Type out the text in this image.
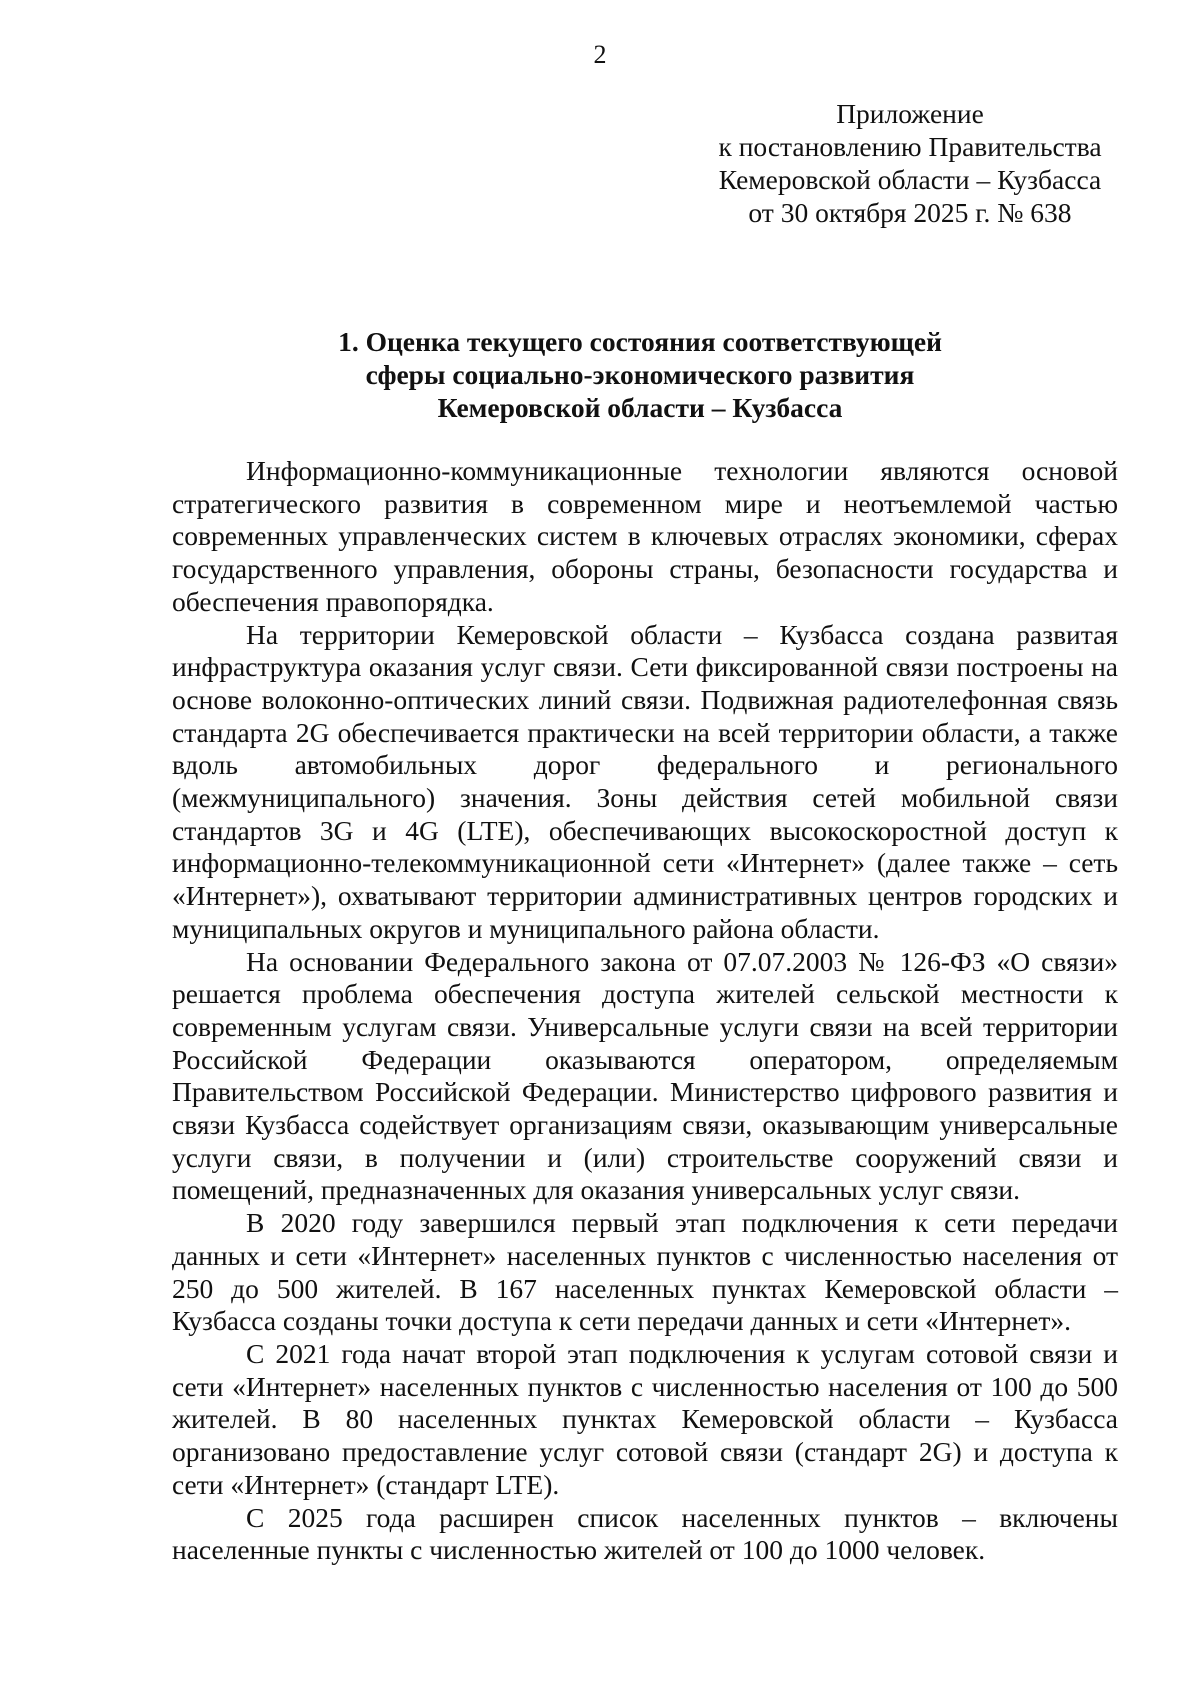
2
Приложение
к постановлению Правительства
Кемеровской области – Кузбасса
от 30 октября 2025 г. № 638
1. Оценка текущего состояния соответствующей
сферы социально-экономического развития
Кемеровской области – Кузбасса

Информационно-коммуникационные технологии являются основой стратегического развития в современном мире и неотъемлемой частью современных управленческих систем в ключевых отраслях экономики, сферах государственного управления, обороны страны, безопасности государства и обеспечения правопорядка.

На территории Кемеровской области – Кузбасса создана развитая инфраструктура оказания услуг связи. Сети фиксированной связи построены на основе волоконно-оптических линий связи. Подвижная радиотелефонная связь стандарта 2G обеспечивается практически на всей территории области, а также вдоль автомобильных дорог федерального и регионального (межмуниципального) значения. Зоны действия сетей мобильной связи стандартов 3G и 4G (LTE), обеспечивающих высокоскоростной доступ к информационно-телекоммуникационной сети «Интернет» (далее также – сеть «Интернет»), охватывают территории административных центров городских и муниципальных округов и муниципального района области.

На основании Федерального закона от 07.07.2003 № 126-ФЗ «О связи» решается проблема обеспечения доступа жителей сельской местности к современным услугам связи. Универсальные услуги связи на всей территории Российской Федерации оказываются оператором, определяемым Правительством Российской Федерации. Министерство цифрового развития и связи Кузбасса содействует организациям связи, оказывающим универсальные услуги связи, в получении и (или) строительстве сооружений связи и помещений, предназначенных для оказания универсальных услуг связи.

В 2020 году завершился первый этап подключения к сети передачи данных и сети «Интернет» населенных пунктов с численностью населения от 250 до 500 жителей. В 167 населенных пунктах Кемеровской области – Кузбасса созданы точки доступа к сети передачи данных и сети «Интернет».

С 2021 года начат второй этап подключения к услугам сотовой связи и сети «Интернет» населенных пунктов с численностью населения от 100 до 500 жителей. В 80 населенных пунктах Кемеровской области – Кузбасса организовано предоставление услуг сотовой связи (стандарт 2G) и доступа к сети «Интернет» (стандарт LTE).

С 2025 года расширен список населенных пунктов – включены населенные пункты с численностью жителей от 100 до 1000 человек.
